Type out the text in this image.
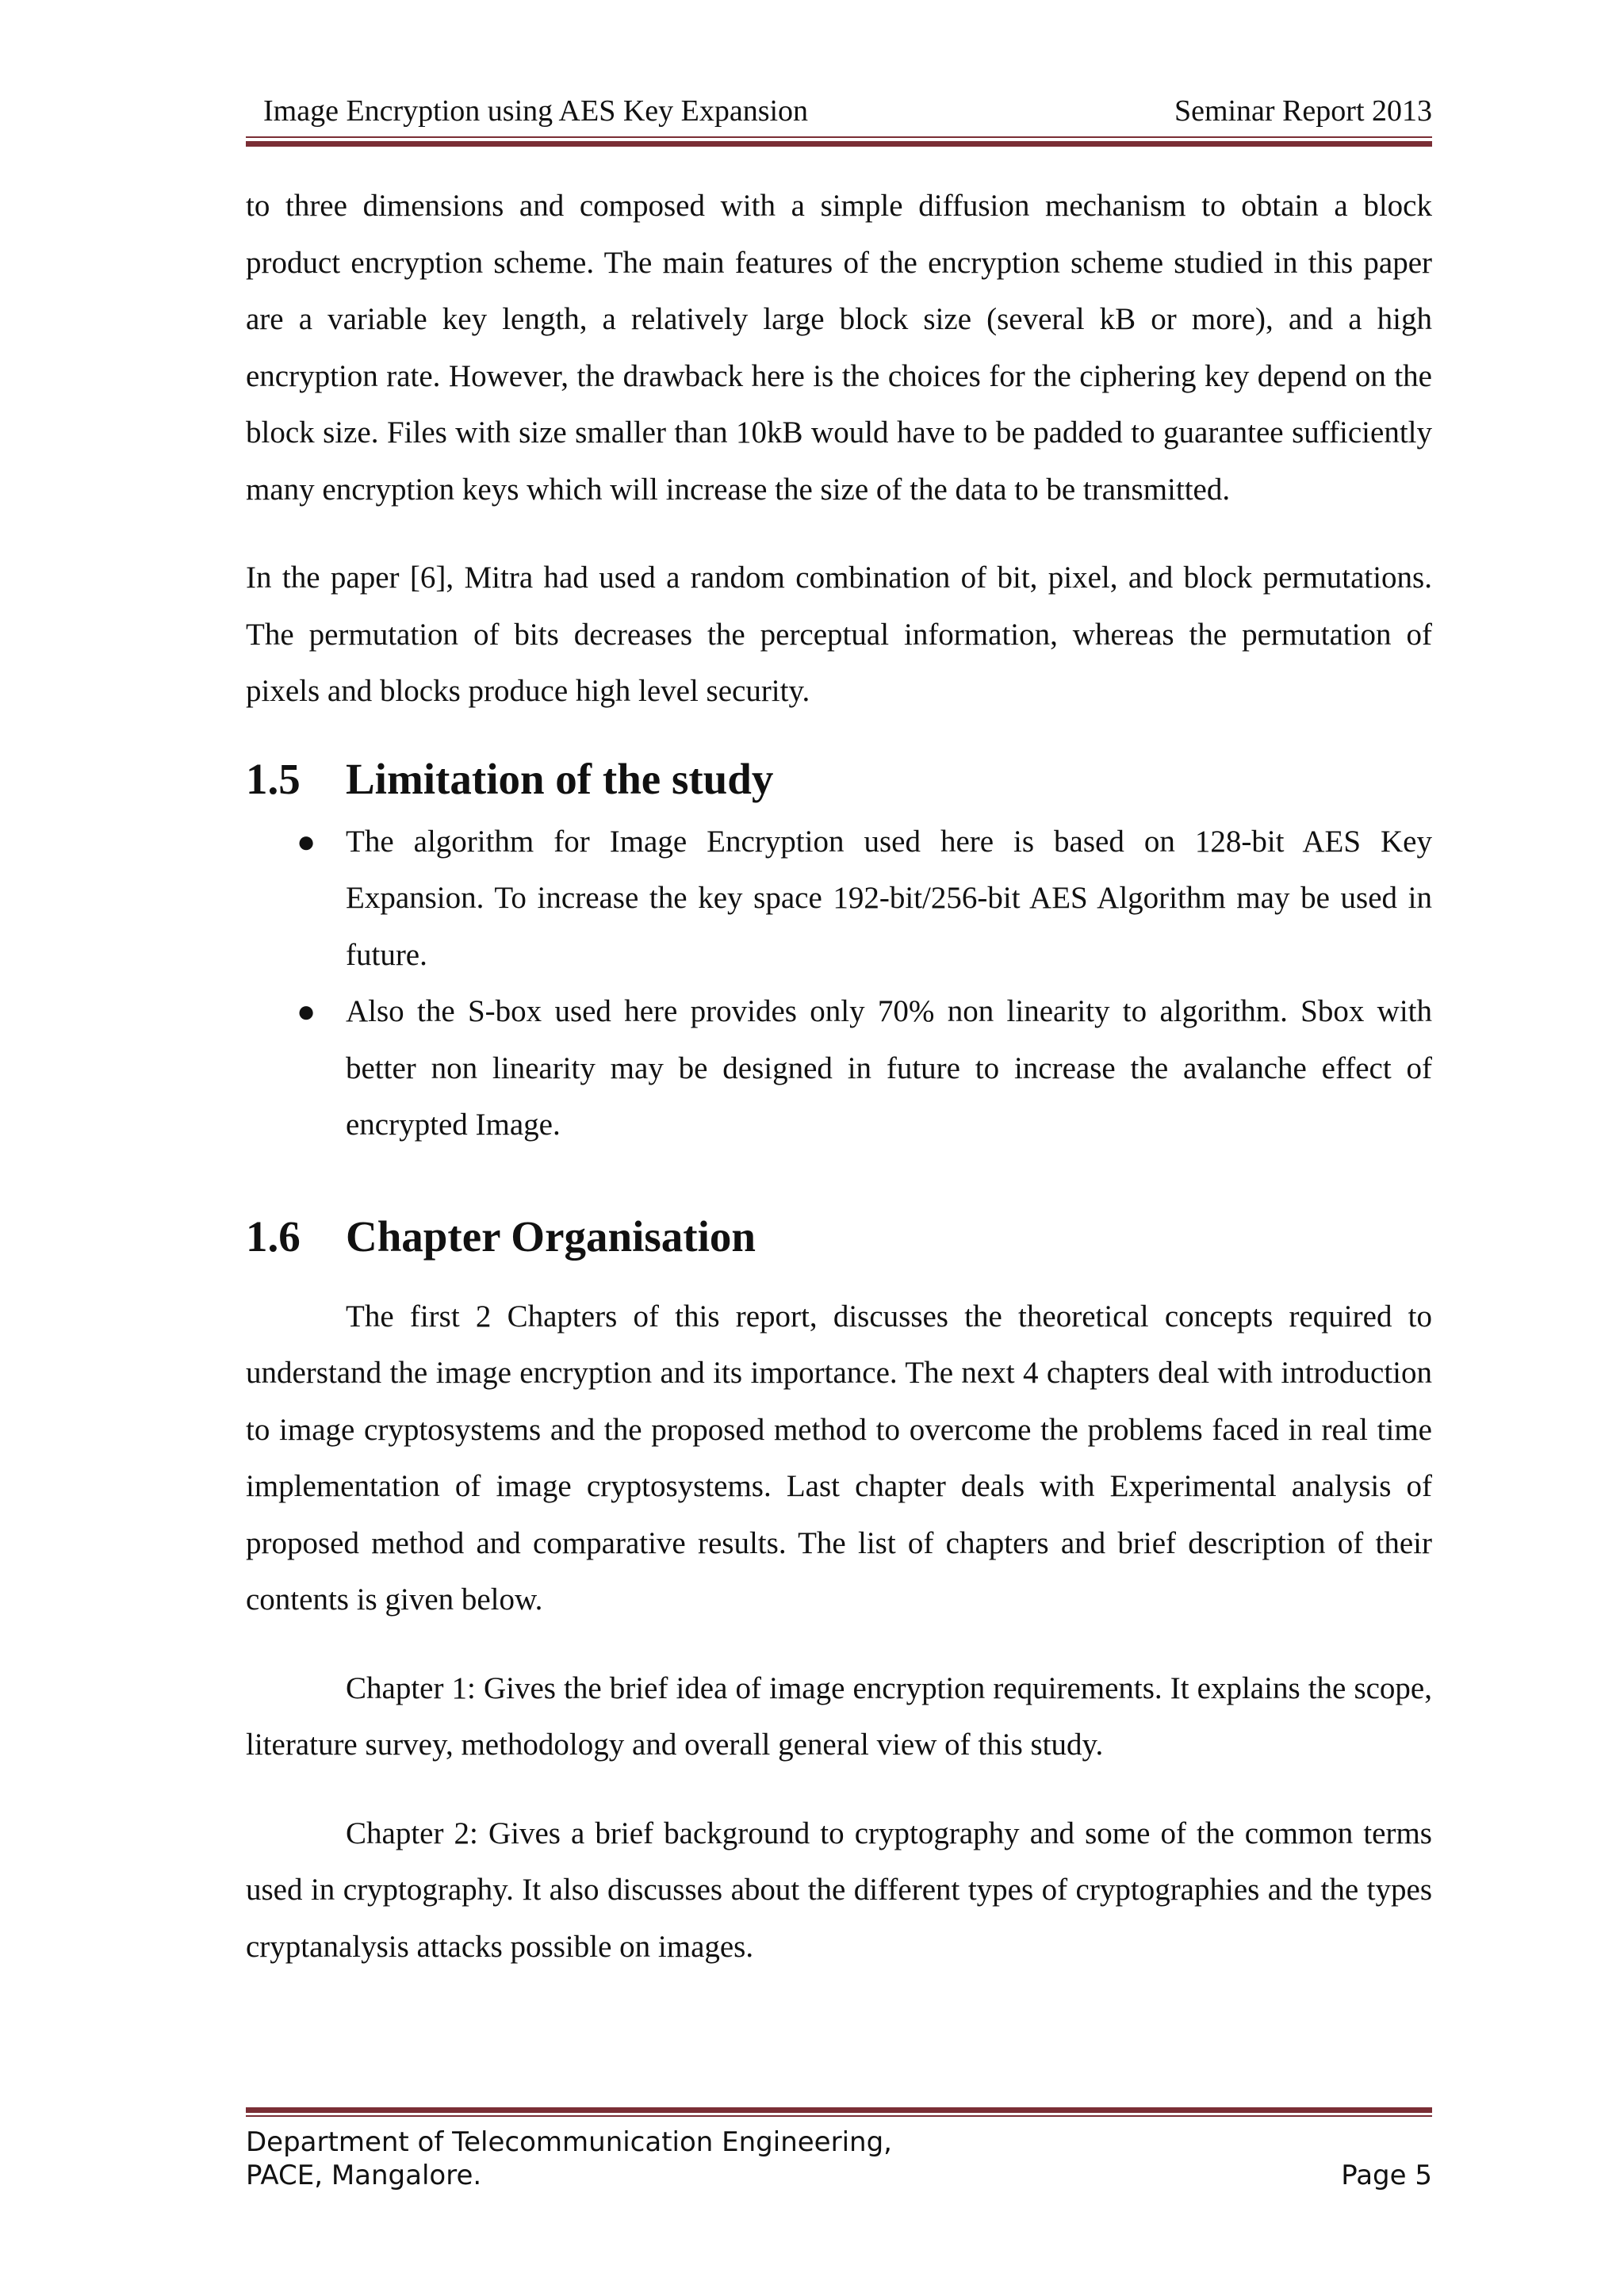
Image Encryption using AES Key Expansion	Seminar Report 2013

to three dimensions and composed with a simple diffusion mechanism to obtain a block product encryption scheme. The main features of the encryption scheme studied in this paper are a variable key length, a relatively large block size (several kB or more), and a high encryption rate. However, the drawback here is the choices for the ciphering key depend on the block size. Files with size smaller than 10kB would have to be padded to guarantee sufficiently many encryption keys which will increase the size of the data to be transmitted.

In the paper [6], Mitra had used a random combination of bit, pixel, and block permutations. The permutation of bits decreases the perceptual information, whereas the permutation of pixels and blocks produce high level security.

1.5	Limitation of the study
● The algorithm for Image Encryption used here is based on 128-bit AES Key Expansion. To increase the key space 192-bit/256-bit AES Algorithm may be used in future.
● Also the S-box used here provides only 70% non linearity to algorithm. Sbox with better non linearity may be designed in future to increase the avalanche effect of encrypted Image.
1.6	Chapter Organisation

The first 2 Chapters of this report, discusses the theoretical concepts required to understand the image encryption and its importance. The next 4 chapters deal with introduction to image cryptosystems and the proposed method to overcome the problems faced in real time implementation of image cryptosystems. Last chapter deals with Experimental analysis of proposed method and comparative results. The list of chapters and brief description of their contents is given below.

Chapter 1: Gives the brief idea of image encryption requirements. It explains the scope, literature survey, methodology and overall general view of this study.

Chapter 2: Gives a brief background to cryptography and some of the common terms used in cryptography. It also discusses about the different types of cryptographies and the types cryptanalysis attacks possible on images.

Department of Telecommunication Engineering,
PACE, Mangalore.	Page 5
